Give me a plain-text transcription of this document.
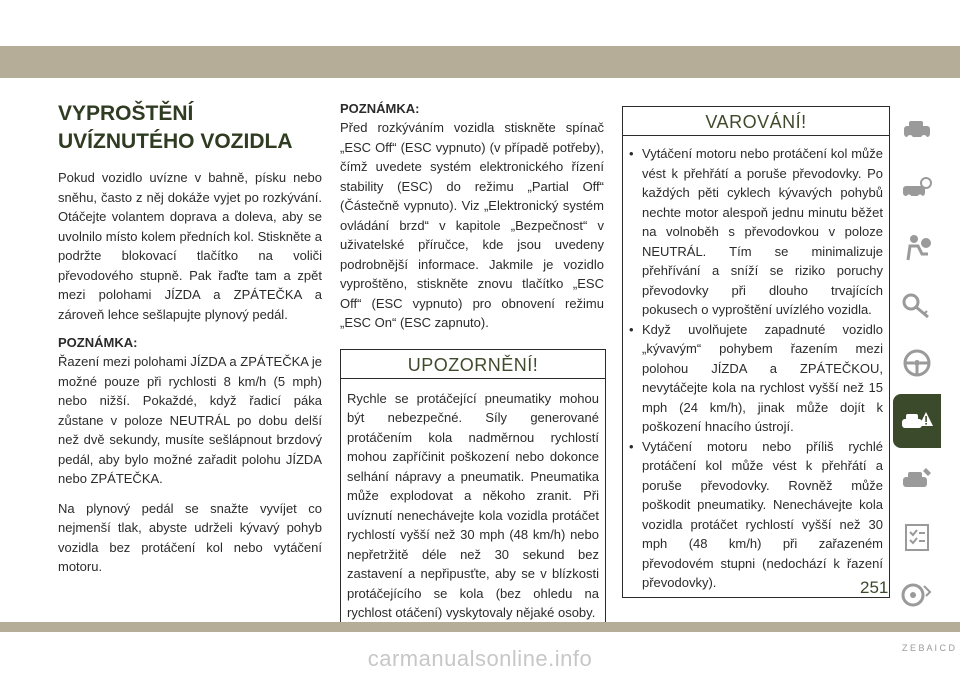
VYPROŠTĚNÍ UVÍZNUTÉHO VOZIDLA

Pokud vozidlo uvízne v bahně, písku nebo sněhu, často z něj dokáže vyjet po rozkývání. Otáčejte volantem doprava a doleva, aby se uvolnilo místo kolem předních kol. Stiskněte a podržte blokovací tlačítko na voliči převodového stupně. Pak řaďte tam a zpět mezi polohami JÍZDA a ZPÁTEČKA a zároveň lehce sešlapujte plynový pedál.

POZNÁMKA:

Řazení mezi polohami JÍZDA a ZPÁTEČKA je možné pouze při rychlosti 8 km/h (5 mph) nebo nižší. Pokaždé, když řadicí páka zůstane v poloze NEUTRÁL po dobu delší než dvě sekundy, musíte sešlápnout brzdový pedál, aby bylo možné zařadit polohu JÍZDA nebo ZPÁTEČKA.

Na plynový pedál se snažte vyvíjet co nejmenší tlak, abyste udrželi kývavý pohyb vozidla bez protáčení kol nebo vytáčení motoru.

POZNÁMKA:

Před rozkýváním vozidla stiskněte spínač „ESC Off“ (ESC vypnuto) (v případě potřeby), čímž uvedete systém elektronického řízení stability (ESC) do režimu „Partial Off“ (Částečně vypnuto). Viz „Elektronický systém ovládání brzd“ v kapitole „Bezpečnost“ v uživatelské příručce, kde jsou uvedeny podrobnější informace. Jakmile je vozidlo vyproštěno, stiskněte znovu tlačítko „ESC Off“ (ESC vypnuto) pro obnovení režimu „ESC On“ (ESC zapnuto).

UPOZORNĚNÍ!

Rychle se protáčející pneumatiky mohou být nebezpečné. Síly generované protáčením kola nadměrnou rychlostí mohou zapříčinit poškození nebo dokonce selhání nápravy a pneumatik. Pneumatika může explodovat a někoho zranit. Při uvíznutí nenechávejte kola vozidla protáčet rychlostí vyšší než 30 mph (48 km/h) nebo nepřetržitě déle než 30 sekund bez zastavení a nepřipusťte, aby se v blízkosti protáčejícího se kola (bez ohledu na rychlost otáčení) vyskytovaly nějaké osoby.

VAROVÁNÍ!

• Vytáčení motoru nebo protáčení kol může vést k přehřátí a poruše převodovky. Po každých pěti cyklech kývavých pohybů nechte motor alespoň jednu minutu běžet na volnoběh s převodovkou v poloze NEUTRÁL. Tím se minimalizuje přehřívání a sníží se riziko poruchy převodovky při dlouho trvajících pokusech o vyproštění uvízlého vozidla.
• Když uvolňujete zapadnuté vozidlo „kývavým“ pohybem řazením mezi polohou JÍZDA a ZPÁTEČKOU, nevytáčejte kola na rychlost vyšší než 15 mph (24 km/h), jinak může dojít k poškození hnacího ústrojí.
• Vytáčení motoru nebo příliš rychlé protáčení kol může vést k přehřátí a poruše převodovky. Rovněž může poškodit pneumatiky. Nenechávejte kola vozidla protáčet rychlostí vyšší než 30 mph (48 km/h) při zařazeném převodovém stupni (nedochází k řazení převodovky).
Z E B A I C D
251
carmanualsonline.info
